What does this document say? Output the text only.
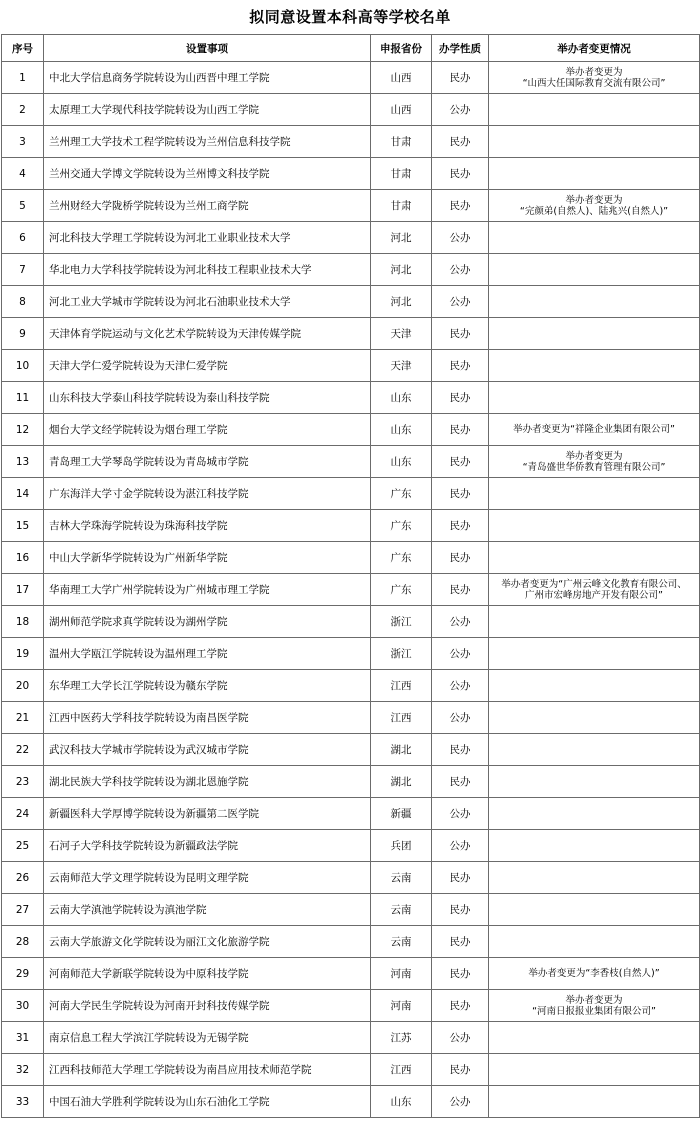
拟同意设置本科高等学校名单
序号	设置事项	申报省份	办学性质	举办者变更情况
1	中北大学信息商务学院转设为山西晋中理工学院	山西	民办	举办者变更为
“山西大任国际教育交流有限公司”

2	太原理工大学现代科技学院转设为山西工学院	山西	公办	

3	兰州理工大学技术工程学院转设为兰州信息科技学院	甘肃	民办	

4	兰州交通大学博文学院转设为兰州博文科技学院	甘肃	民办	

5	兰州财经大学陇桥学院转设为兰州工商学院	甘肃	民办	举办者变更为
“完颜弟(自然人)、陆兆兴(自然人)”

6	河北科技大学理工学院转设为河北工业职业技术大学	河北	公办	

7	华北电力大学科技学院转设为河北科技工程职业技术大学	河北	公办	

8	河北工业大学城市学院转设为河北石油职业技术大学	河北	公办	

9	天津体育学院运动与文化艺术学院转设为天津传媒学院	天津	民办	

10	天津大学仁爱学院转设为天津仁爱学院	天津	民办	

11	山东科技大学泰山科技学院转设为泰山科技学院	山东	民办	

12	烟台大学文经学院转设为烟台理工学院	山东	民办	举办者变更为“祥隆企业集团有限公司”

13	青岛理工大学琴岛学院转设为青岛城市学院	山东	民办	举办者变更为
“青岛盛世华侨教育管理有限公司”

14	广东海洋大学寸金学院转设为湛江科技学院	广东	民办	

15	吉林大学珠海学院转设为珠海科技学院	广东	民办	

16	中山大学新华学院转设为广州新华学院	广东	民办	

17	华南理工大学广州学院转设为广州城市理工学院	广东	民办	举办者变更为“广州云峰文化教育有限公司、
广州市宏峰房地产开发有限公司”

18	湖州师范学院求真学院转设为湖州学院	浙江	公办	

19	温州大学瓯江学院转设为温州理工学院	浙江	公办	

20	东华理工大学长江学院转设为赣东学院	江西	公办	

21	江西中医药大学科技学院转设为南昌医学院	江西	公办	

22	武汉科技大学城市学院转设为武汉城市学院	湖北	民办	

23	湖北民族大学科技学院转设为湖北恩施学院	湖北	民办	

24	新疆医科大学厚博学院转设为新疆第二医学院	新疆	公办	

25	石河子大学科技学院转设为新疆政法学院	兵团	公办	

26	云南师范大学文理学院转设为昆明文理学院	云南	民办	

27	云南大学滇池学院转设为滇池学院	云南	民办	

28	云南大学旅游文化学院转设为丽江文化旅游学院	云南	民办	

29	河南师范大学新联学院转设为中原科技学院	河南	民办	举办者变更为“李香枝(自然人)”

30	河南大学民生学院转设为河南开封科技传媒学院	河南	民办	举办者变更为
“河南日报报业集团有限公司”

31	南京信息工程大学滨江学院转设为无锡学院	江苏	公办	

32	江西科技师范大学理工学院转设为南昌应用技术师范学院	江西	民办	

33	中国石油大学胜利学院转设为山东石油化工学院	山东	公办	
